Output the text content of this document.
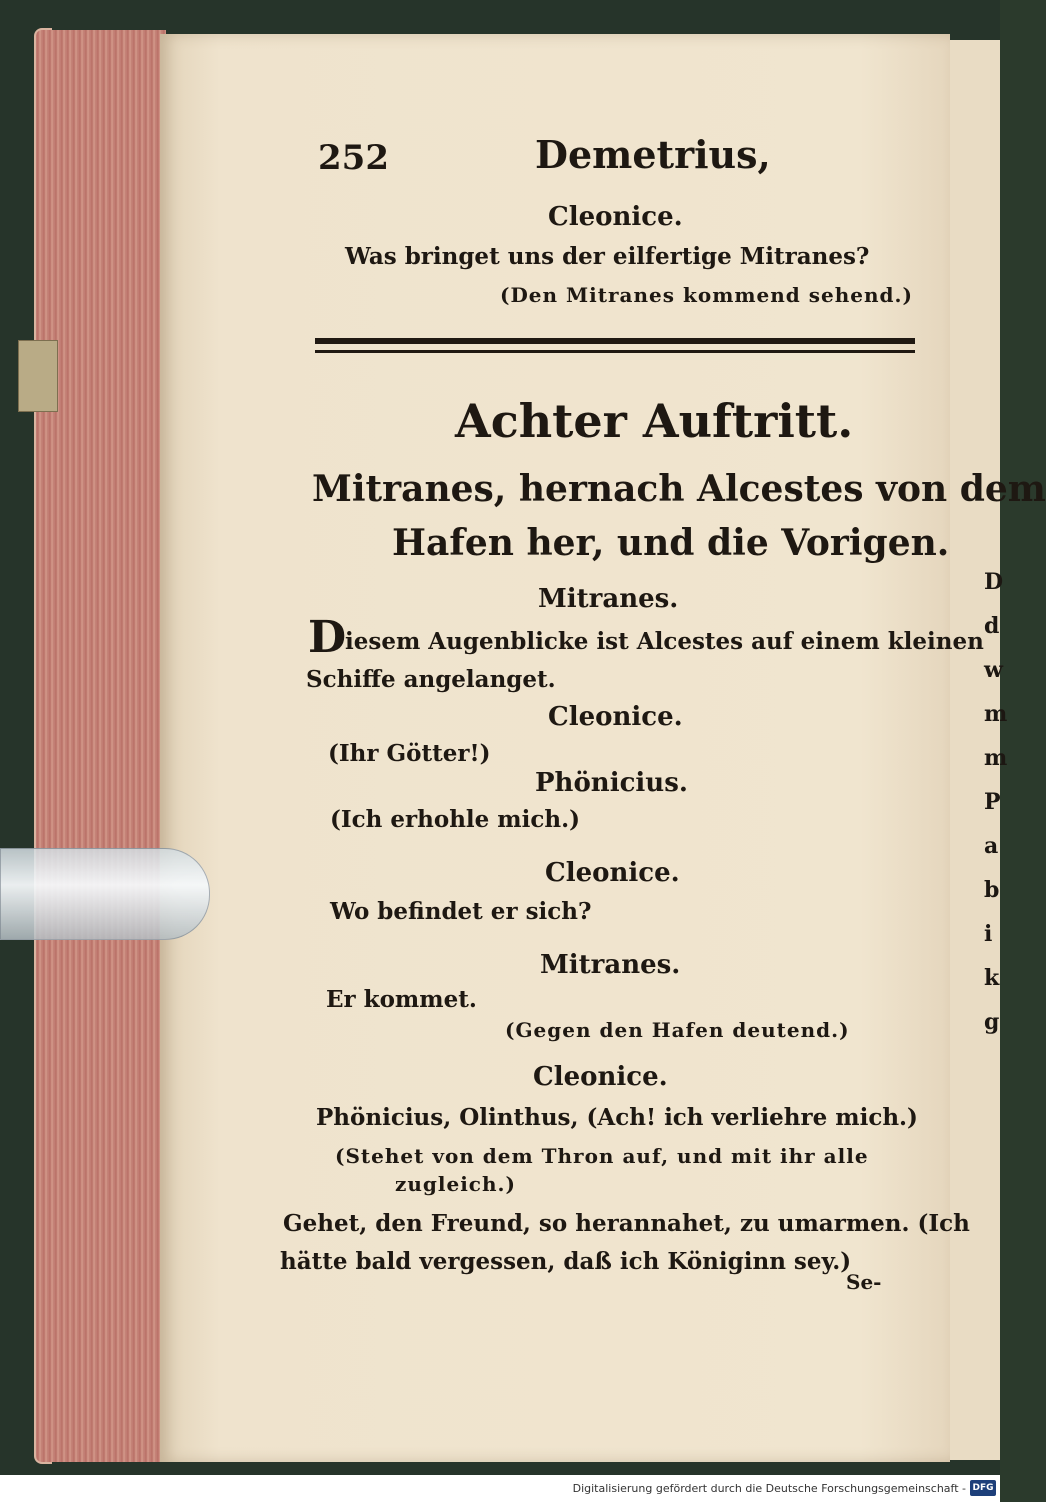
D
d
w
m
m
P
a
b
i
k
g
252	Demetrius,
Cleonice.
Was bringet uns der eilfertige Mitranes?
(Den Mitranes kommend sehend.)
Achter Auftritt.
Mitranes, hernach Alcestes von dem
Hafen her, und die Vorigen.
Mitranes.
D
iesem Augenblicke ist Alcestes auf einem kleinen
Schiffe angelanget.
Cleonice.
(Ihr Götter!)
Phönicius.
(Ich erhohle mich.)
Cleonice.
Wo befindet er sich?
Mitranes.
Er kommet.
(Gegen den Hafen deutend.)
Cleonice.
Phönicius, Olinthus, (Ach! ich verliehre mich.)
(Stehet von dem Thron auf, und mit ihr alle
zugleich.)
Gehet, den Freund, so herannahet, zu umarmen. (Ich
hätte bald vergessen, daß ich Königinn sey.)
Se-
Digitalisierung gefördert durch die Deutsche Forschungsgemeinschaft - DFG
